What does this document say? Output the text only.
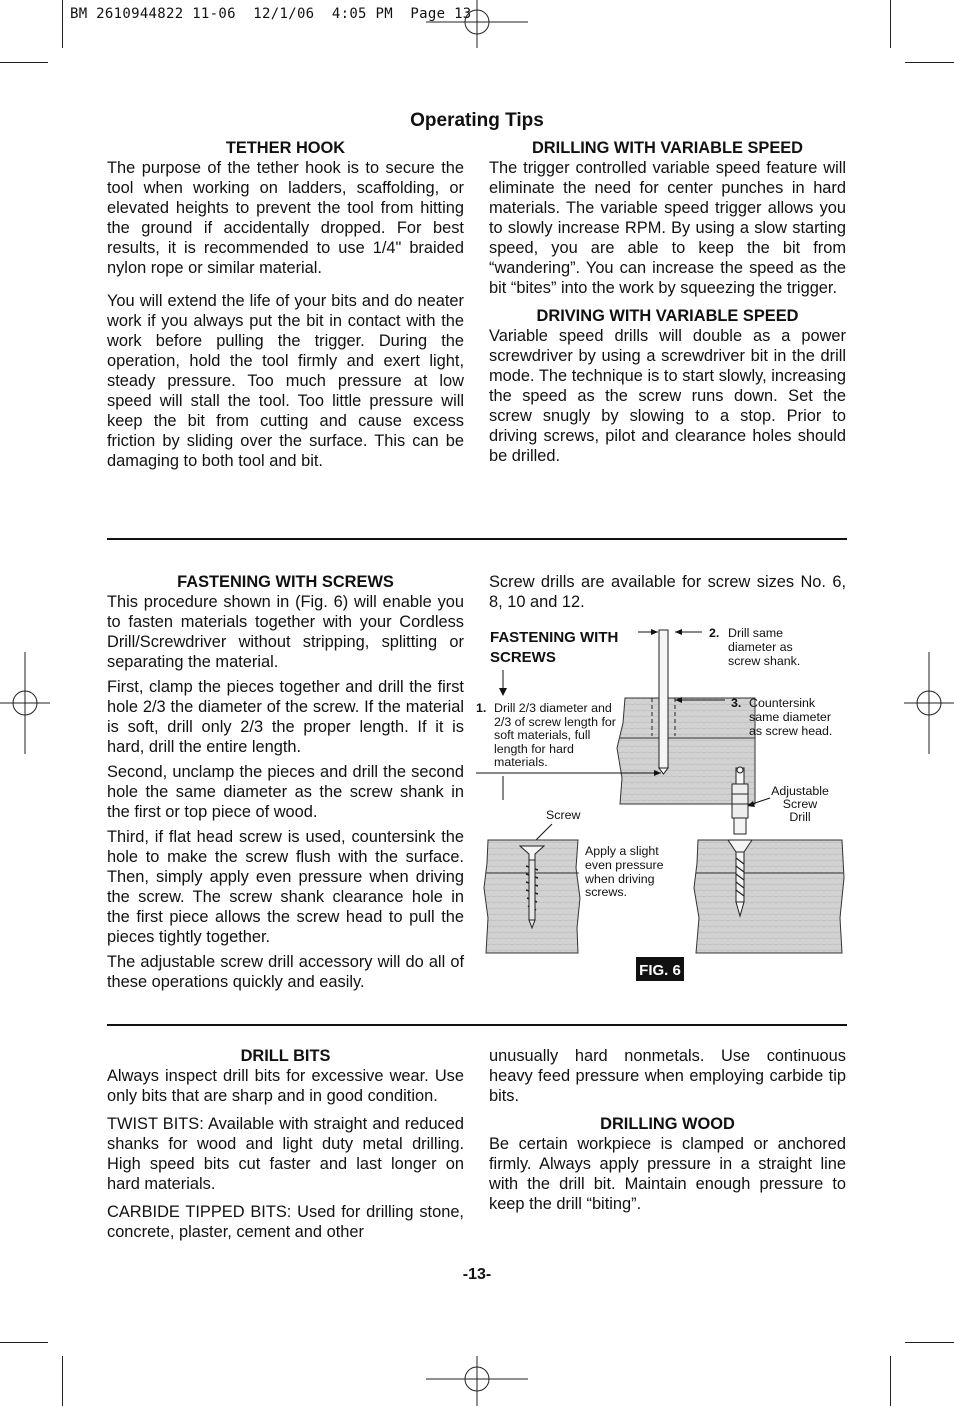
BM 2610944822 11-06  12/1/06  4:05 PM  Page 13
Operating Tips
TETHER HOOK

The purpose of the tether hook is to secure the tool when working on ladders, scaffolding, or elevated heights to prevent the tool from hitting the ground if accidentally dropped. For best results, it is recommended to use 1/4" braided nylon rope or similar material.

You will extend the life of your bits and do neater work if you always put the bit in contact with the work before pulling the trigger. During the operation, hold the tool firmly and exert light, steady pressure. Too much pressure at low speed will stall the tool. Too little pressure will keep the bit from cutting and cause excess friction by sliding over the surface. This can be damaging to both tool and bit.

DRILLING WITH VARIABLE SPEED

The trigger controlled variable speed feature will eliminate the need for center punches in hard materials. The variable speed trigger allows you to slowly increase RPM. By using a slow starting speed, you are able to keep the bit from “wandering”. You can increase the speed as the bit “bites” into the work by squeezing the trigger.

DRIVING WITH VARIABLE SPEED

Variable speed drills will double as a power screwdriver by using a screwdriver bit in the drill mode. The technique is to start slowly, increasing the speed as the screw runs down. Set the screw snugly by slowing to a stop. Prior to driving screws, pilot and clearance holes should be drilled.

FASTENING WITH SCREWS

This procedure shown in (Fig. 6) will enable you to fasten materials together with your Cordless Drill/Screwdriver without stripping, splitting or separating the material.

First, clamp the pieces together and drill the first hole 2/3 the diameter of the screw. If the material is soft, drill only 2/3 the proper length. If it is hard, drill the entire length.

Second, unclamp the pieces and drill the second hole the same diameter as the screw shank in the first or top piece of wood.

Third, if flat head screw is used, countersink the hole to make the screw flush with the surface. Then, simply apply even pressure when driving the screw. The screw shank clearance hole in the first piece allows the screw head to pull the pieces tightly together.

The adjustable screw drill accessory will do all of these operations quickly and easily.

Screw drills are available for screw sizes No. 6, 8, 10 and 12.

FASTENING WITH
SCREWS
2. Drill same
diameter as
screw shank.
3. Countersink
same diameter
as screw head.
1. Drill 2/3 diameter and
2/3 of screw length for
soft materials, full
length for hard
materials.
Screw
Apply a slight
even pressure
when driving
screws.
Adjustable
Screw
Drill
FIG. 6
DRILL BITS

Always inspect drill bits for excessive wear. Use only bits that are sharp and in good condition.

TWIST BITS: Available with straight and reduced shanks for wood and light duty metal drilling. High speed bits cut faster and last longer on hard materials.

CARBIDE TIPPED BITS: Used for drilling stone, concrete, plaster, cement and other

unusually hard nonmetals. Use continuous heavy feed pressure when employing carbide tip bits.

DRILLING WOOD

Be certain workpiece is clamped or anchored firmly. Always apply pressure in a straight line with the drill bit. Maintain enough pressure to keep the drill “biting”.

-13-
